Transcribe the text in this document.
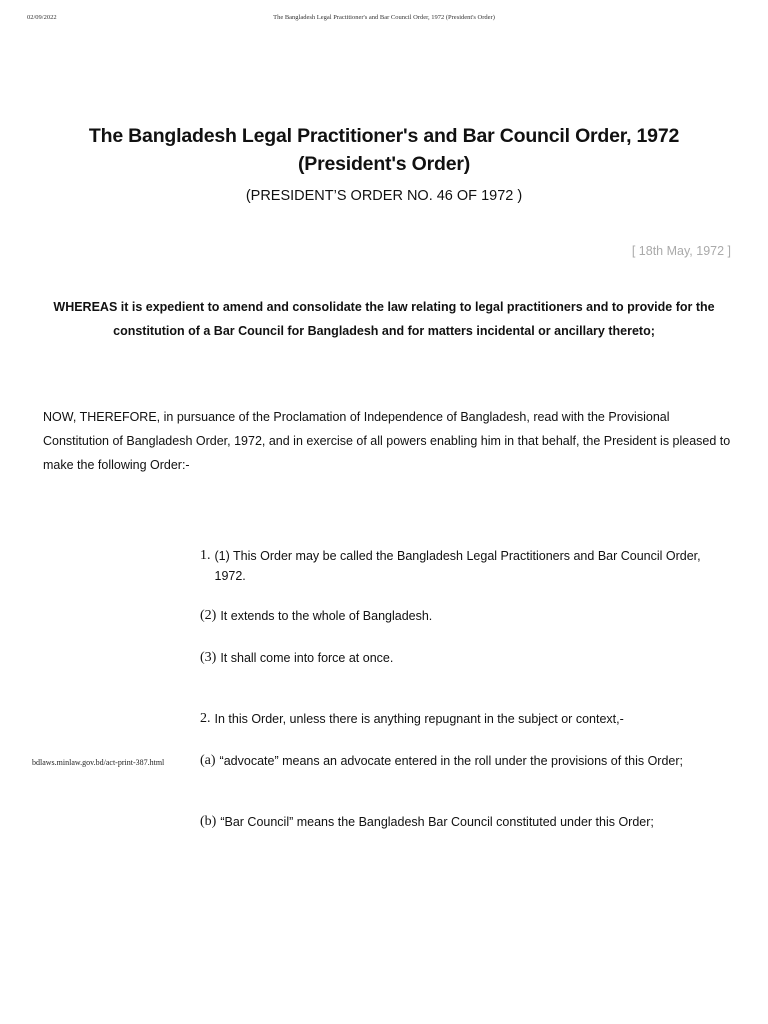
02/09/2022	The Bangladesh Legal Practitioner's and Bar Council Order, 1972 (President's Order)
The Bangladesh Legal Practitioner's and Bar Council Order, 1972
(President's Order)
(PRESIDENT’S ORDER NO. 46 OF 1972 )
[ 18th May, 1972 ]
WHEREAS it is expedient to amend and consolidate the law relating to legal practitioners and to provide for the constitution of a Bar Council for Bangladesh and for matters incidental or ancillary thereto;
NOW, THEREFORE, in pursuance of the Proclamation of Independence of Bangladesh, read with the Provisional Constitution of Bangladesh Order, 1972, and in exercise of all powers enabling him in that behalf, the President is pleased to make the following Order:-
1. (1) This Order may be called the Bangladesh Legal Practitioners and Bar Council Order, 1972.
(2) It extends to the whole of Bangladesh.
(3) It shall come into force at once.
2. In this Order, unless there is anything repugnant in the subject or context,-
(a) “advocate” means an advocate entered in the roll under the provisions of this Order;
(b) “Bar Council” means the Bangladesh Bar Council constituted under this Order;
bdlaws.minlaw.gov.bd/act-print-387.html
